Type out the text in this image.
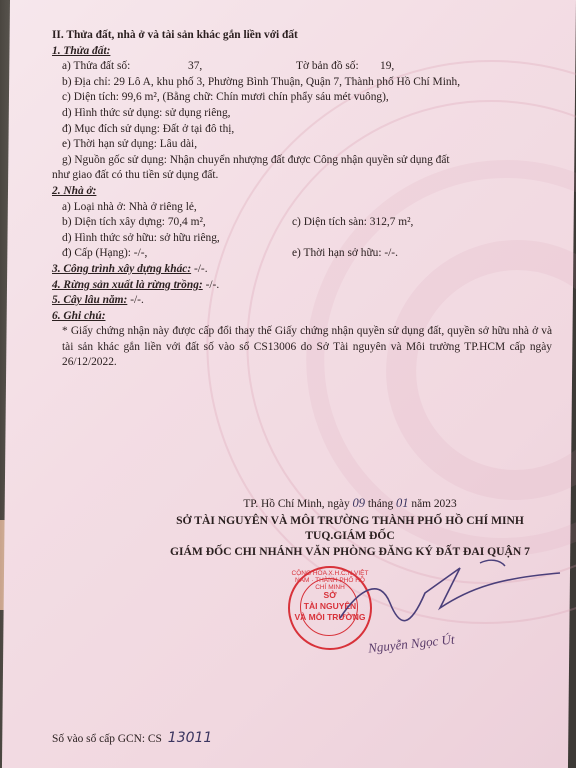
II. Thửa đất, nhà ở và tài sản khác gắn liền với đất
1. Thửa đất:
a) Thửa đất số:	37,	Tờ bản đồ số: 19,
b) Địa chỉ: 29 Lô A, khu phố 3, Phường Bình Thuận, Quận 7, Thành phố Hồ Chí Minh,
c) Diện tích: 99,6 m², (Bằng chữ: Chín mươi chín phẩy sáu mét vuông),
d) Hình thức sử dụng: sử dụng riêng,
đ) Mục đích sử dụng: Đất ở tại đô thị,
e) Thời hạn sử dụng: Lâu dài,
g) Nguồn gốc sử dụng: Nhận chuyển nhượng đất được Công nhận quyền sử dụng đất
như giao đất có thu tiền sử dụng đất.
2. Nhà ở:
a) Loại nhà ở: Nhà ở riêng lẻ,
b) Diện tích xây dựng: 70,4 m²,	c) Diện tích sàn: 312,7 m²,
d) Hình thức sở hữu: sở hữu riêng,
đ) Cấp (Hạng): -/-,	e) Thời hạn sở hữu: -/-.
3. Công trình xây dựng khác: -/-.
4. Rừng sản xuất là rừng trồng: -/-.
5. Cây lâu năm: -/-.
6. Ghi chú:
* Giấy chứng nhận này được cấp đổi thay thế Giấy chứng nhận quyền sử dụng đất, quyền sở hữu nhà ở và tài sản khác gắn liền với đất số vào sổ CS13006 do Sở Tài nguyên và Môi trường TP.HCM cấp ngày 26/12/2022.
TP. Hồ Chí Minh, ngày 09 tháng 01 năm 2023
SỞ TÀI NGUYÊN VÀ MÔI TRƯỜNG THÀNH PHỐ HỒ CHÍ MINH
TUQ.GIÁM ĐỐC
GIÁM ĐỐC CHI NHÁNH VĂN PHÒNG ĐĂNG KÝ ĐẤT ĐAI QUẬN 7
CỘNG HÒA X.H.C.N VIỆT NAM · THÀNH PHỐ HỒ CHÍ MINH
SỞ
TÀI NGUYÊN
VÀ MÔI TRƯỜNG
Nguyễn Ngọc Út
Số vào sổ cấp GCN: CS 13011
